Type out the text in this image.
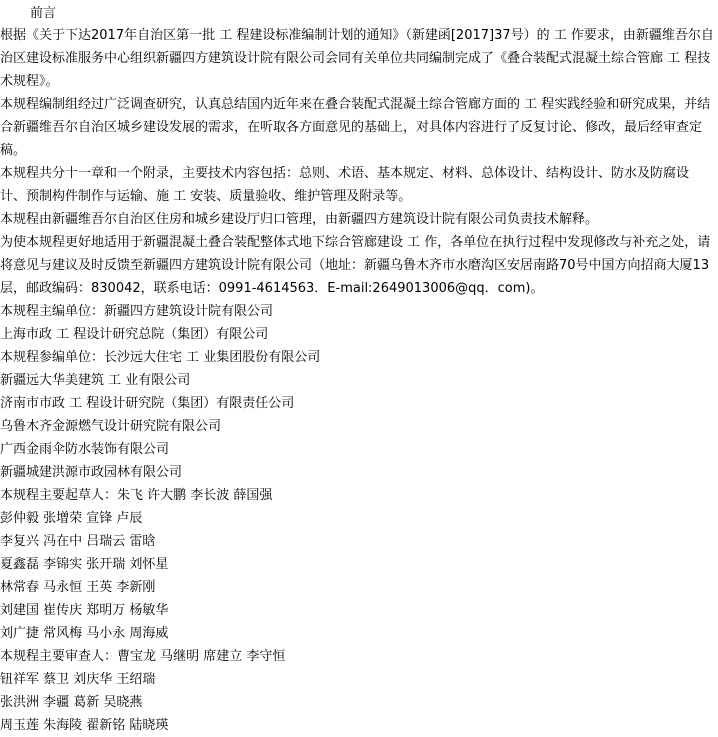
前言

根据《关于下达2017年自治区第一批 工 程建设标准编制计划的通知》（新建函[2017]37号）的 工 作要求，由新疆维吾尔自治区建设标准服务中心组织新疆四方建筑设计院有限公司会同有关单位共同编制完成了《叠合装配式混凝土综合管廊 工 程技术规程》。

本规程编制组经过广泛调查研究，认真总结国内近年来在叠合装配式混凝土综合管廊方面的 工 程实践经验和研究成果，并结合新疆维吾尔自治区城乡建设发展的需求，在听取各方面意见的基础上，对具体内容进行了反复讨论、修改，最后经审查定稿。

本规程共分十一章和一个附录，主要技术内容包括：总则、术语、基本规定、材料、总体设计、结构设计、防水及防腐设计、预制构件制作与运输、施 工 安装、质量验收、维护管理及附录等。

本规程由新疆维吾尔自治区住房和城乡建设厅归口管理，由新疆四方建筑设计院有限公司负责技术解释。

为使本规程更好地适用于新疆混凝土叠合装配整体式地下综合管廊建设 工 作，各单位在执行过程中发现修改与补充之处，请将意见与建议及时反馈至新疆四方建筑设计院有限公司（地址：新疆乌鲁木齐市水磨沟区安居南路70号中国方向招商大厦13层，邮政编码：830042，联系电话：0991-4614563．E-mail:2649013006@qq．com)。

本规程主编单位：新疆四方建筑设计院有限公司

上海市政 工 程设计研究总院（集团）有限公司

本规程参编单位：长沙远大住宅 工 业集团股份有限公司

新疆远大华美建筑 工 业有限公司

济南市市政 工 程设计研究院（集团）有限责任公司

乌鲁木齐金源燃气设计研究院有限公司

广西金雨伞防水装饰有限公司

新疆城建洪源市政园林有限公司

本规程主要起草人：朱飞 许大鹏 李长波 薛国强

彭仲毅 张增荣 宣锋 卢辰

李复兴 冯在中 吕瑞云 雷晗

夏鑫磊 李锦实 张开瑞 刘怀星

林常春 马永恒 王英 李新刚

刘建国 崔传庆 郑明万 杨敏华

刘广捷 常风梅 马小永 周海威

本规程主要审查人：曹宝龙 马继明 席建立 李守恒

钮祥军 蔡卫 刘庆华 王绍瑞

张洪洲 李疆 葛新 吴晓燕

周玉莲 朱海陵 翟新铭 陆晓瑛
